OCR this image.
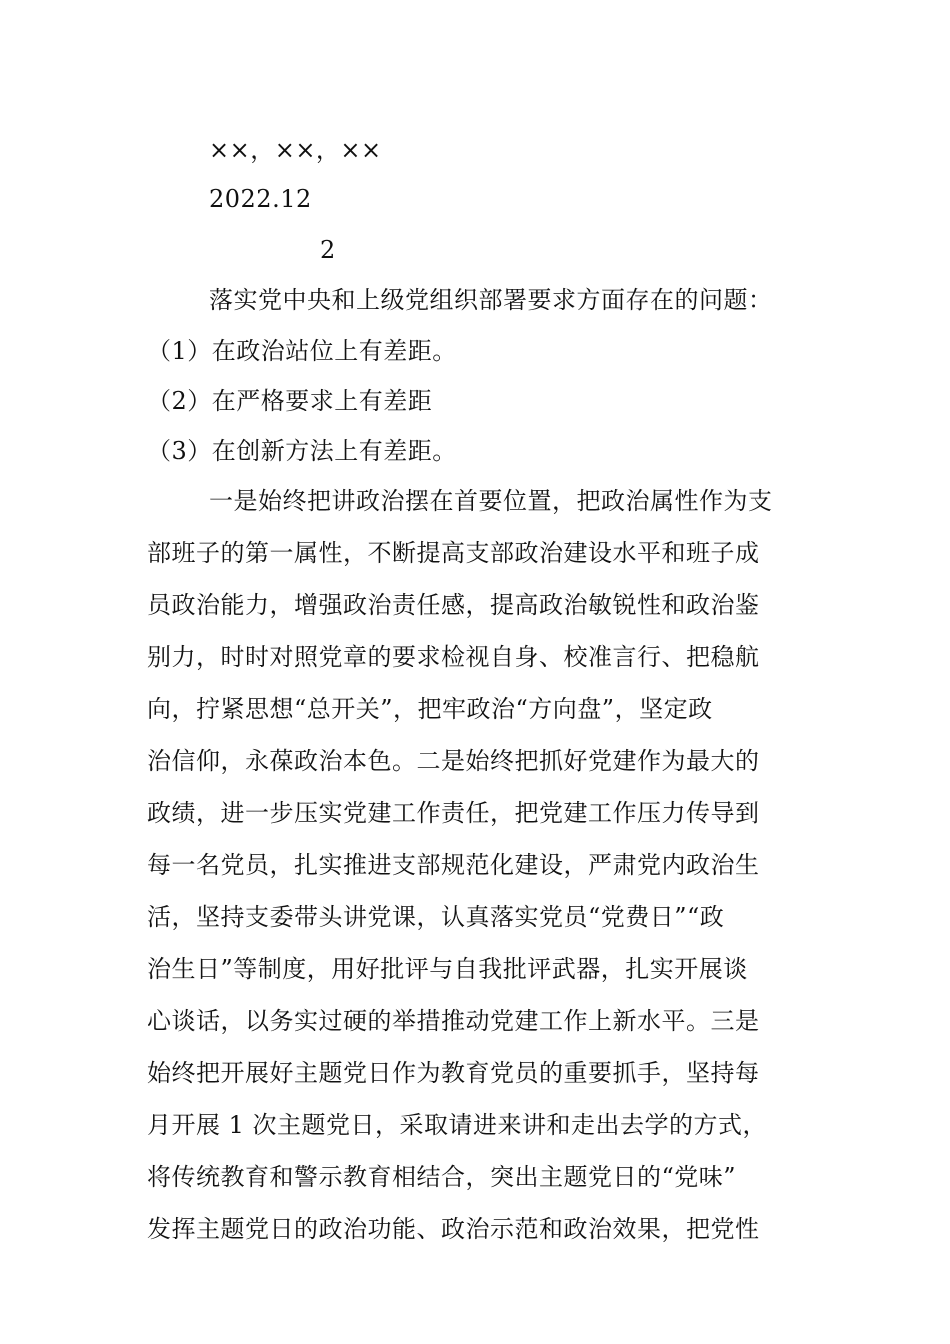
××，××，××
2022.12
2
落实党中央和上级党组织部署要求方面存在的问题：
（1）在政治站位上有差距。
（2）在严格要求上有差距
（3）在创新方法上有差距。
一是始终把讲政治摆在首要位置，把政治属性作为支
部班子的第一属性，不断提高支部政治建设水平和班子成
员政治能力，增强政治责任感，提高政治敏锐性和政治鉴
别力，时时对照党章的要求检视自身、校准言行、把稳航
向，拧紧思想“总开关”，把牢政治“方向盘”，坚定政
治信仰，永葆政治本色。二是始终把抓好党建作为最大的
政绩，进一步压实党建工作责任，把党建工作压力传导到
每一名党员，扎实推进支部规范化建设，严肃党内政治生
活，坚持支委带头讲党课，认真落实党员“党费日”“政
治生日”等制度，用好批评与自我批评武器，扎实开展谈
心谈话，以务实过硬的举措推动党建工作上新水平。三是
始终把开展好主题党日作为教育党员的重要抓手，坚持每
月开展 1 次主题党日，采取请进来讲和走出去学的方式，
将传统教育和警示教育相结合，突出主题党日的“党味”
发挥主题党日的政治功能、政治示范和政治效果，把党性
